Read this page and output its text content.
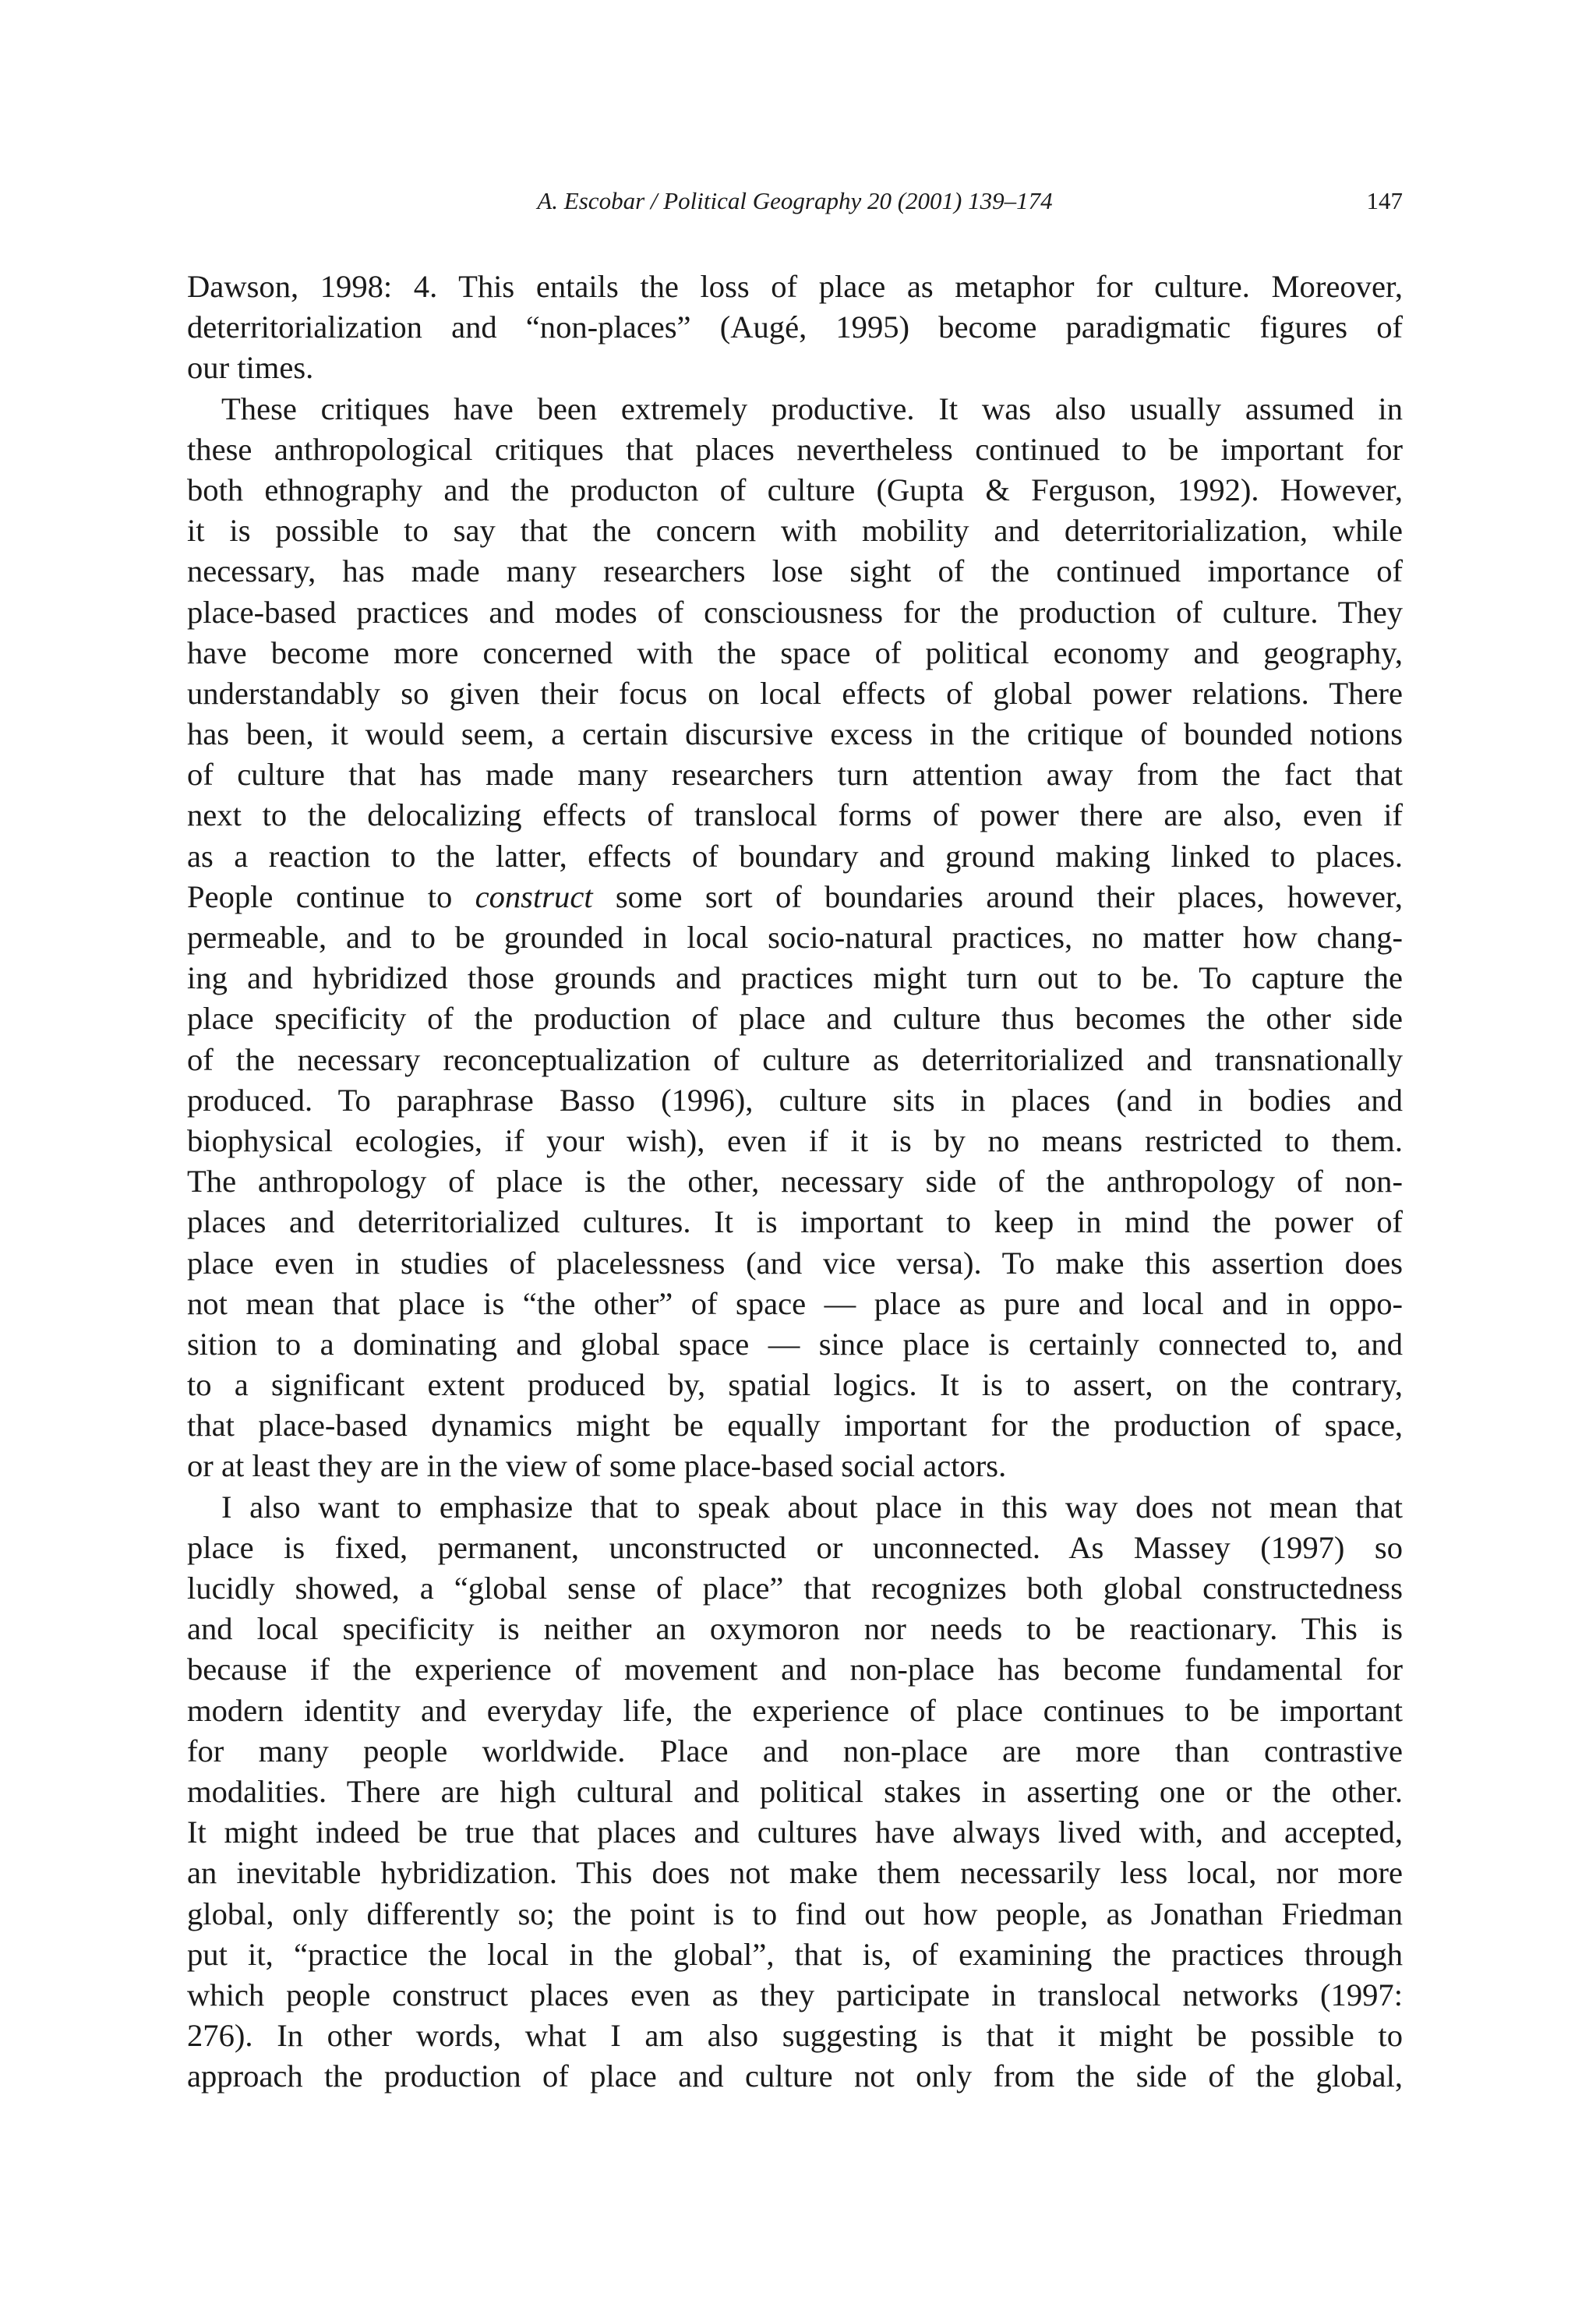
A. Escobar / Political Geography 20 (2001) 139–174	147
Dawson, 1998: 4. This entails the loss of place as metaphor for culture. Moreover,
deterritorialization and “non-places” (Augé, 1995) become paradigmatic figures of
our times.
These critiques have been extremely productive. It was also usually assumed in
these anthropological critiques that places nevertheless continued to be important for
both ethnography and the producton of culture (Gupta & Ferguson, 1992). However,
it is possible to say that the concern with mobility and deterritorialization, while
necessary, has made many researchers lose sight of the continued importance of
place-based practices and modes of consciousness for the production of culture. They
have become more concerned with the space of political economy and geography,
understandably so given their focus on local effects of global power relations. There
has been, it would seem, a certain discursive excess in the critique of bounded notions
of culture that has made many researchers turn attention away from the fact that
next to the delocalizing effects of translocal forms of power there are also, even if
as a reaction to the latter, effects of boundary and ground making linked to places.
People continue to construct some sort of boundaries around their places, however,
permeable, and to be grounded in local socio-natural practices, no matter how chang-
ing and hybridized those grounds and practices might turn out to be. To capture the
place specificity of the production of place and culture thus becomes the other side
of the necessary reconceptualization of culture as deterritorialized and transnationally
produced. To paraphrase Basso (1996), culture sits in places (and in bodies and
biophysical ecologies, if your wish), even if it is by no means restricted to them.
The anthropology of place is the other, necessary side of the anthropology of non-
places and deterritorialized cultures. It is important to keep in mind the power of
place even in studies of placelessness (and vice versa). To make this assertion does
not mean that place is “the other” of space — place as pure and local and in oppo-
sition to a dominating and global space — since place is certainly connected to, and
to a significant extent produced by, spatial logics. It is to assert, on the contrary,
that place-based dynamics might be equally important for the production of space,
or at least they are in the view of some place-based social actors.
I also want to emphasize that to speak about place in this way does not mean that
place is fixed, permanent, unconstructed or unconnected. As Massey (1997) so
lucidly showed, a “global sense of place” that recognizes both global constructedness
and local specificity is neither an oxymoron nor needs to be reactionary. This is
because if the experience of movement and non-place has become fundamental for
modern identity and everyday life, the experience of place continues to be important
for many people worldwide. Place and non-place are more than contrastive
modalities. There are high cultural and political stakes in asserting one or the other.
It might indeed be true that places and cultures have always lived with, and accepted,
an inevitable hybridization. This does not make them necessarily less local, nor more
global, only differently so; the point is to find out how people, as Jonathan Friedman
put it, “practice the local in the global”, that is, of examining the practices through
which people construct places even as they participate in translocal networks (1997:
276). In other words, what I am also suggesting is that it might be possible to
approach the production of place and culture not only from the side of the global,
